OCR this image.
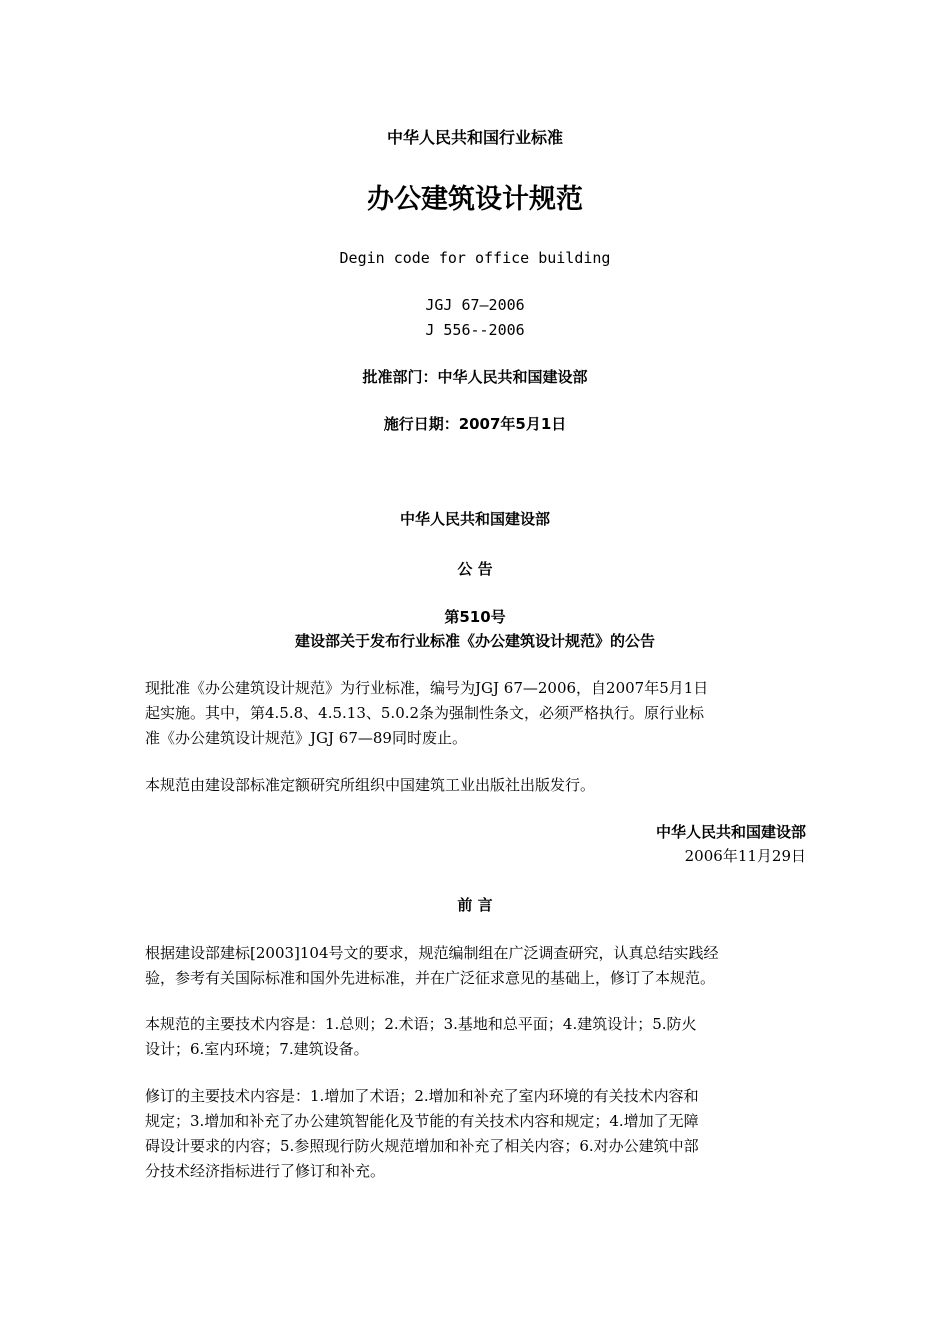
中华人民共和国行业标准
办公建筑设计规范
Degin code for office building
JGJ 67—2006
J 556--2006
批准部门：中华人民共和国建设部
施行日期：2007年5月1日
中华人民共和国建设部
公 告
第510号
建设部关于发布行业标准《办公建筑设计规范》的公告
现批准《办公建筑设计规范》为行业标准，编号为JGJ 67—2006，自2007年5月1日
起实施。其中，第4.5.8、4.5.13、5.0.2条为强制性条文，必须严格执行。原行业标
准《办公建筑设计规范》JGJ 67—89同时废止。
本规范由建设部标准定额研究所组织中国建筑工业出版社出版发行。
中华人民共和国建设部
2006年11月29日
前 言
根据建设部建标[2003]104号文的要求，规范编制组在广泛调查研究，认真总结实践经
验，参考有关国际标准和国外先进标准，并在广泛征求意见的基础上，修订了本规范。
本规范的主要技术内容是：1.总则；2.术语；3.基地和总平面；4.建筑设计；5.防火
设计；6.室内环境；7.建筑设备。
修订的主要技术内容是：1.增加了术语；2.增加和补充了室内环境的有关技术内容和
规定；3.增加和补充了办公建筑智能化及节能的有关技术内容和规定；4.增加了无障
碍设计要求的内容；5.参照现行防火规范增加和补充了相关内容；6.对办公建筑中部
分技术经济指标进行了修订和补充。
